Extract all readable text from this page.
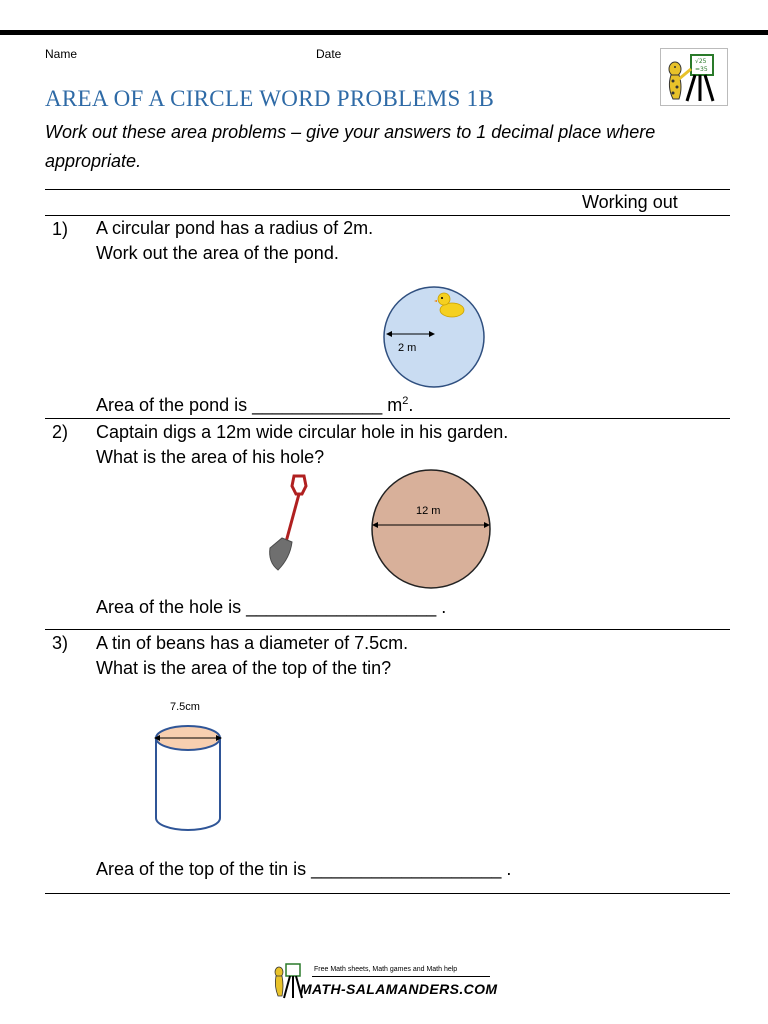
Name	Date
√25
=35
AREA OF A CIRCLE WORD PROBLEMS 1B
Work out these area problems – give your answers to 1 decimal place where appropriate.
Working out
1) A circular pond has a radius of 2m.
Work out the area of the pond.
2 m
Area of the pond is _____________ $m^2$.
2) Captain digs a 12m wide circular hole in his garden.
What is the area of his hole?
12 m
Area of the hole is ___________________ .
3) A tin of beans has a diameter of 7.5cm.
What is the area of the top of the tin?
7.5cm
Area of the top of the tin is ___________________ .
Free Math sheets, Math games and Math help
MATH-SALAMANDERS.COM
